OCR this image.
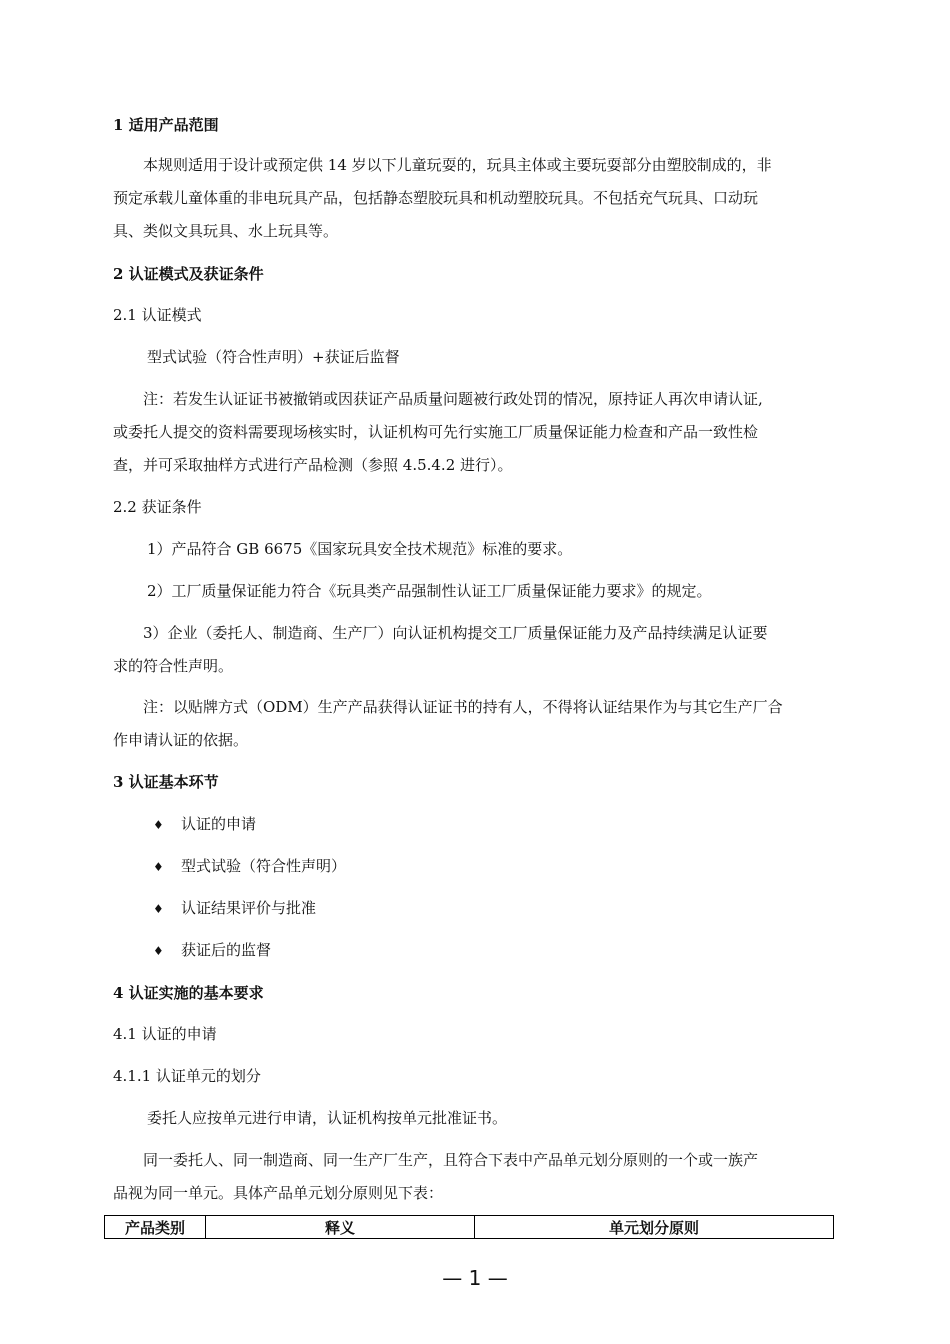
1 适用产品范围

　　本规则适用于设计或预定供 14 岁以下儿童玩耍的，玩具主体或主要玩耍部分由塑胶制成的，非

预定承载儿童体重的非电玩具产品，包括静态塑胶玩具和机动塑胶玩具。不包括充气玩具、口动玩

具、类似文具玩具、水上玩具等。

2 认证模式及获证条件
2.1 认证模式
型式试验（符合性声明）+获证后监督

　　注：若发生认证证书被撤销或因获证产品质量问题被行政处罚的情况，原持证人再次申请认证,

或委托人提交的资料需要现场核实时，认证机构可先行实施工厂质量保证能力检查和产品一致性检

查，并可采取抽样方式进行产品检测（参照 4.5.4.2 进行）。

2.2 获证条件
1）产品符合 GB 6675《国家玩具安全技术规范》标准的要求。
2）工厂质量保证能力符合《玩具类产品强制性认证工厂质量保证能力要求》的规定。

　　3）企业（委托人、制造商、生产厂）向认证机构提交工厂质量保证能力及产品持续满足认证要

求的符合性声明。

　　注：以贴牌方式（ODM）生产产品获得认证证书的持有人，不得将认证结果作为与其它生产厂合

作申请认证的依据。

3 认证基本环节
♦ 认证的申请
♦ 型式试验（符合性声明）
♦ 认证结果评价与批准
♦ 获证后的监督
4 认证实施的基本要求
4.1 认证的申请
4.1.1 认证单元的划分
委托人应按单元进行申请，认证机构按单元批准证书。

　　同一委托人、同一制造商、同一生产厂生产，且符合下表中产品单元划分原则的一个或一族产

品视为同一单元。具体产品单元划分原则见下表：

产品类别	释义	单元划分原则
— 1 —
